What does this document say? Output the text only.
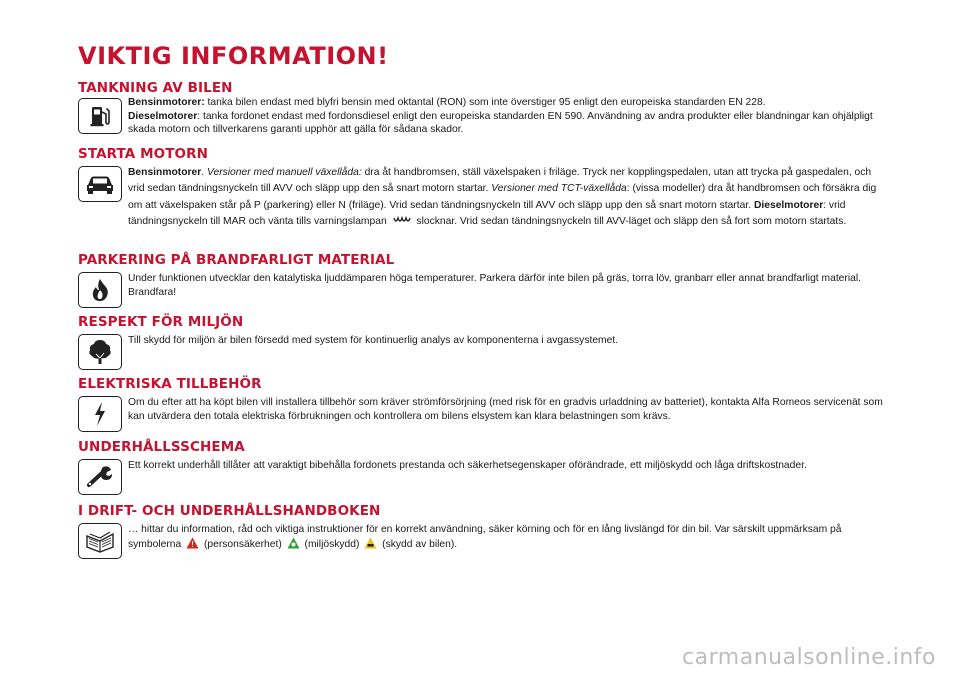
VIKTIG INFORMATION!
TANKNING AV BILEN
Bensinmotorer: tanka bilen endast med blyfri bensin med oktantal (RON) som inte överstiger 95 enligt den europeiska standarden EN 228.
Dieselmotorer: tanka fordonet endast med fordonsdiesel enligt den europeiska standarden EN 590. Användning av andra produkter eller blandningar kan ohjälpligt skada motorn och tillverkarens garanti upphör att gälla för sådana skador.
STARTA MOTORN
Bensinmotorer. Versioner med manuell växellåda: dra åt handbromsen, ställ växelspaken i friläge. Tryck ner kopplingspedalen, utan att trycka på gaspedalen, och vrid sedan tändningsnyckeln till AVV och släpp upp den så snart motorn startar. Versioner med TCT-växellåda: (vissa modeller) dra åt handbromsen och försäkra dig om att växelspaken står på P (parkering) eller N (friläge). Vrid sedan tändningsnyckeln till AVV och släpp upp den så snart motorn startar. Dieselmotorer: vrid tändningsnyckeln till MAR och vänta tills varningslampan  slocknar. Vrid sedan tändningsnyckeln till AVV-läget och släpp den så fort som motorn startats.
PARKERING PÅ BRANDFARLIGT MATERIAL
Under funktionen utvecklar den katalytiska ljuddämparen höga temperaturer. Parkera därför inte bilen på gräs, torra löv, granbarr eller annat brandfarligt material. Brandfara!
RESPEKT FÖR MILJÖN
Till skydd för miljön är bilen försedd med system för kontinuerlig analys av komponenterna i avgassystemet.
ELEKTRISKA TILLBEHÖR
Om du efter att ha köpt bilen vill installera tillbehör som kräver strömförsörjning (med risk för en gradvis urladdning av batteriet), kontakta Alfa Romeos servicenät som kan utvärdera den totala elektriska förbrukningen och kontrollera om bilens elsystem kan klara belastningen som krävs.
UNDERHÅLLSSCHEMA
Ett korrekt underhåll tillåter att varaktigt bibehålla fordonets prestanda och säkerhetsegenskaper oförändrade, ett miljöskydd och låga driftskostnader.
I DRIFT- OCH UNDERHÅLLSHANDBOKEN
… hittar du information, råd och viktiga instruktioner för en korrekt användning, säker körning och för en lång livslängd för din bil. Var särskilt uppmärksam på symbolerna  (personsäkerhet)  (miljöskydd)  (skydd av bilen).
carmanualsonline.info
